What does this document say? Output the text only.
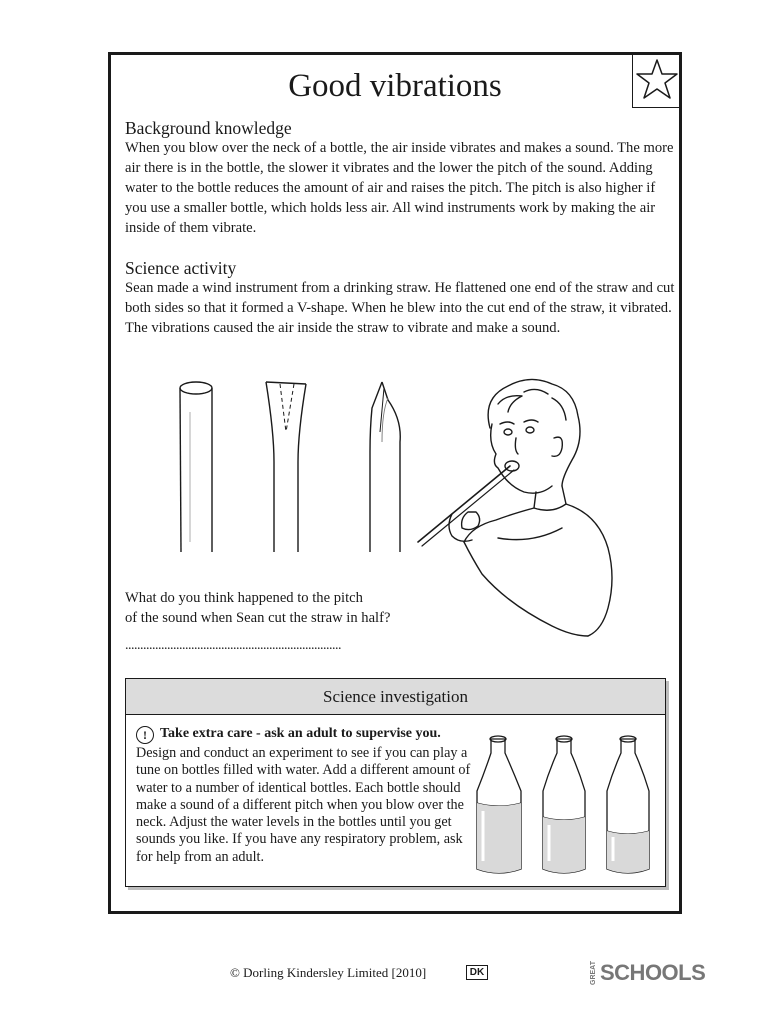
Good vibrations
Background knowledge
When you blow over the neck of a bottle, the air inside vibrates and makes a sound. The more air there is in the bottle, the slower it vibrates and the lower the pitch of the sound. Adding water to the bottle reduces the amount of air and raises the pitch. The pitch is also higher if you use a smaller bottle, which holds less air. All wind instruments work by making the air inside of them vibrate.
Science activity
Sean made a wind instrument from a drinking straw. He flattened one end of the straw and cut both sides so that it formed a V-shape. When he blew into the cut end of the straw, it vibrated. The vibrations caused the air inside the straw to vibrate and make a sound.
What do you think happened to the pitch
of the sound when Sean cut the straw in half?
........................................................................
Science investigation
! Take extra care - ask an adult to supervise you.
Design and conduct an experiment to see if you can play a tune on bottles filled with water. Add a different amount of water to a number of identical bottles. Each bottle should make a sound of a different pitch when you blow over the neck. Adjust the water levels in the bottles until you get sounds you like. If you have any respiratory problem, ask for help from an adult.
© Dorling Kindersley Limited [2010]	DK	GREAT SCHOOLS
